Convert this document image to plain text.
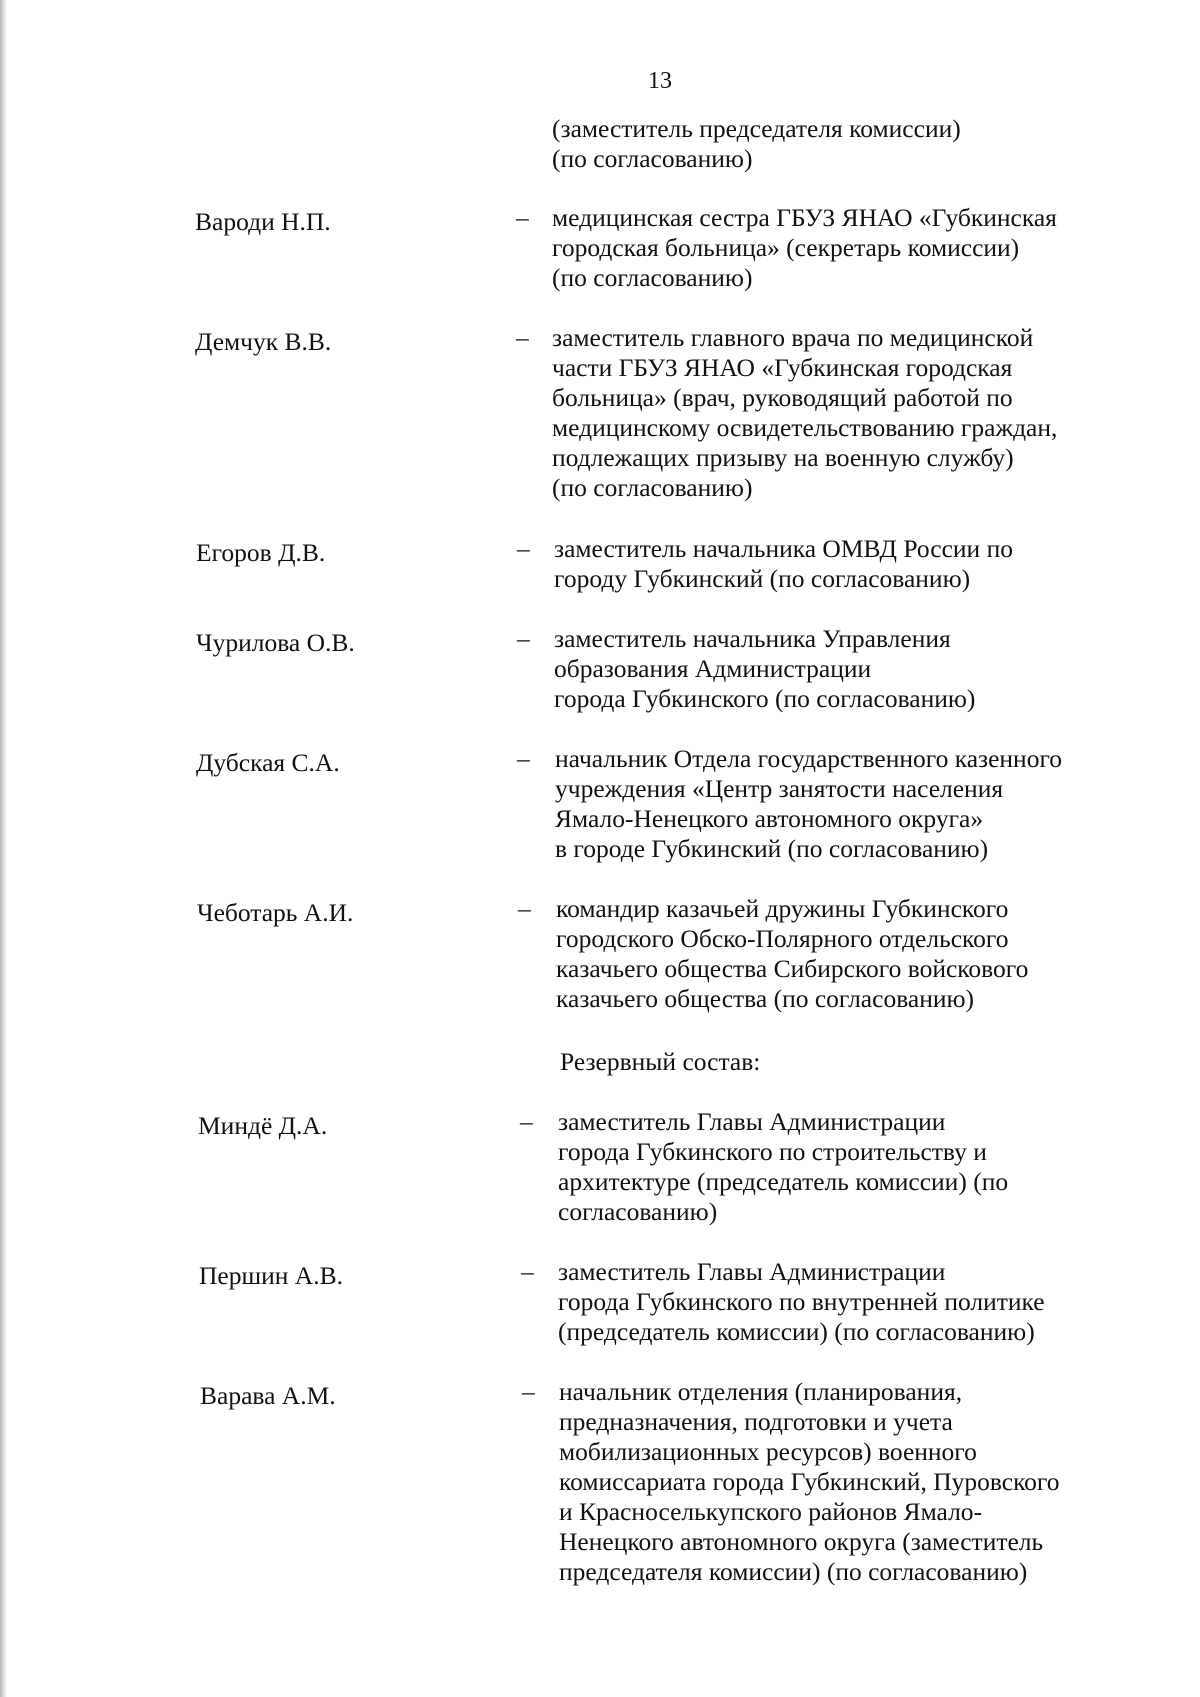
13
(заместитель председателя комиссии)
(по согласованию)
Вароди Н.П.	– медицинская сестра ГБУЗ ЯНАО «Губкинская
городская больница» (секретарь комиссии)
(по согласованию)
Демчук В.В.	– заместитель главного врача по медицинской
части ГБУЗ ЯНАО «Губкинская городская
больница» (врач, руководящий работой по
медицинскому освидетельствованию граждан,
подлежащих призыву на военную службу)
(по согласованию)
Егоров Д.В.	– заместитель начальника ОМВД России по
городу Губкинский (по согласованию)
Чурилова О.В.	– заместитель начальника Управления
образования Администрации
города Губкинского (по согласованию)
Дубская С.А.	– начальник Отдела государственного казенного
учреждения «Центр занятости населения
Ямало-Ненецкого автономного округа»
в городе Губкинский (по согласованию)
Чеботарь А.И.	– командир казачьей дружины Губкинского
городского Обско-Полярного отдельского
казачьего общества Сибирского войскового
казачьего общества (по согласованию)
Резервный состав:
Миндё Д.А.	– заместитель Главы Администрации
города Губкинского по строительству и
архитектуре (председатель комиссии) (по
согласованию)
Першин А.В.	– заместитель Главы Администрации
города Губкинского по внутренней политике
(председатель комиссии) (по согласованию)
Варава А.М.	– начальник отделения (планирования,
предназначения, подготовки и учета
мобилизационных ресурсов) военного
комиссариата города Губкинский, Пуровского
и Красноселькупского районов Ямало-
Ненецкого автономного округа (заместитель
председателя комиссии) (по согласованию)
